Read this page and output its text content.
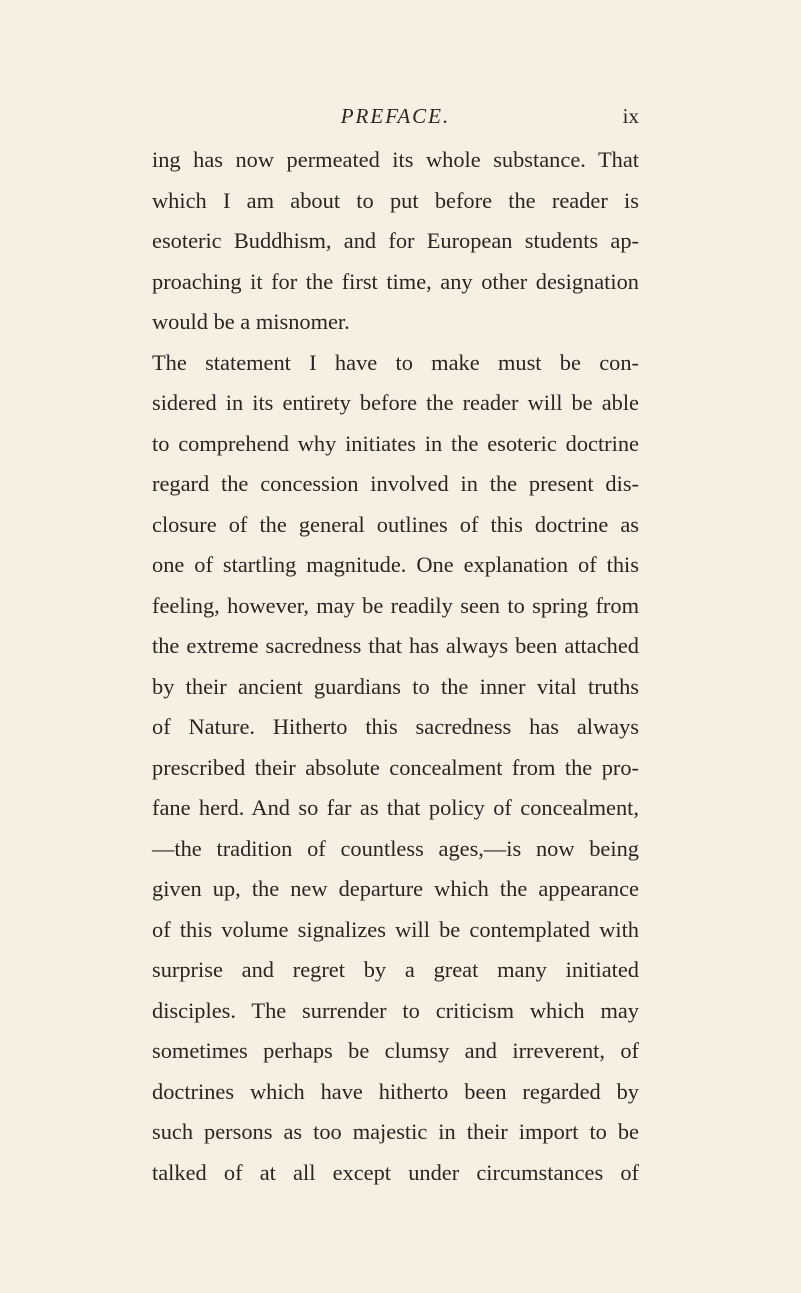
PREFACE.	ix
ing has now permeated its whole substance. That
which I am about to put before the reader is
esoteric Buddhism, and for European students ap-
proaching it for the first time, any other designation
would be a misnomer.
The statement I have to make must be con-
sidered in its entirety before the reader will be able
to comprehend why initiates in the esoteric doctrine
regard the concession involved in the present dis-
closure of the general outlines of this doctrine as
one of startling magnitude. One explanation of this
feeling, however, may be readily seen to spring from
the extreme sacredness that has always been attached
by their ancient guardians to the inner vital truths
of Nature. Hitherto this sacredness has always
prescribed their absolute concealment from the pro-
fane herd. And so far as that policy of concealment,
—the tradition of countless ages,—is now being
given up, the new departure which the appearance
of this volume signalizes will be contemplated with
surprise and regret by a great many initiated
disciples. The surrender to criticism which may
sometimes perhaps be clumsy and irreverent, of
doctrines which have hitherto been regarded by
such persons as too majestic in their import to be
talked of at all except under circumstances of
